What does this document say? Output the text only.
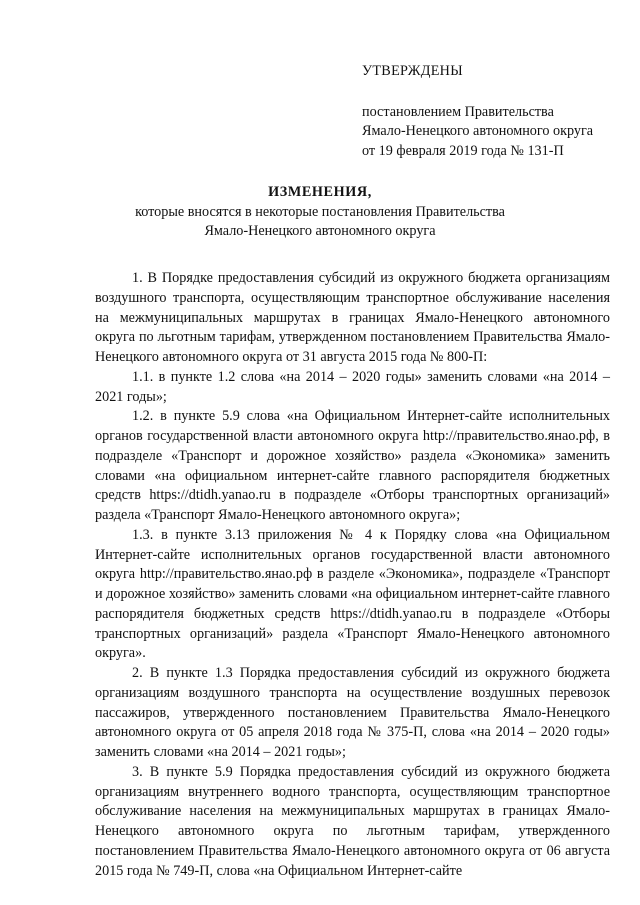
УТВЕРЖДЕНЫ
постановлением Правительства
Ямало-Ненецкого автономного округа
от 19 февраля 2019 года № 131-П
ИЗМЕНЕНИЯ,
которые вносятся в некоторые постановления Правительства
Ямало-Ненецкого автономного округа

1. В Порядке предоставления субсидий из окружного бюджета организациям воздушного транспорта, осуществляющим транспортное обслуживание населения на межмуниципальных маршрутах в границах Ямало-Ненецкого автономного округа по льготным тарифам, утвержденном постановлением Правительства Ямало-Ненецкого автономного округа от 31 августа 2015 года № 800-П:

1.1. в пункте 1.2 слова «на 2014 – 2020 годы» заменить словами «на 2014 – 2021 годы»;

1.2. в пункте 5.9 слова «на Официальном Интернет-сайте исполнительных органов государственной власти автономного округа http://правительство.янао.рф, в подразделе «Транспорт и дорожное хозяйство» раздела «Экономика» заменить словами «на официальном интернет-сайте главного распорядителя бюджетных средств https://dtidh.yanao.ru в подразделе «Отборы транспортных организаций» раздела «Транспорт Ямало-Ненецкого автономного округа»;

1.3. в пункте 3.13 приложения № 4 к Порядку слова «на Официальном Интернет-сайте исполнительных органов государственной власти автономного округа http://правительство.янао.рф в разделе «Экономика», подразделе «Транспорт и дорожное хозяйство» заменить словами «на официальном интернет-сайте главного распорядителя бюджетных средств https://dtidh.yanao.ru в подразделе «Отборы транспортных организаций» раздела «Транспорт Ямало-Ненецкого автономного округа».

2. В пункте 1.3 Порядка предоставления субсидий из окружного бюджета организациям воздушного транспорта на осуществление воздушных перевозок пассажиров, утвержденного постановлением Правительства Ямало-Ненецкого автономного округа от 05 апреля 2018 года № 375-П, слова «на 2014 – 2020 годы» заменить словами «на 2014 – 2021 годы»;

3. В пункте 5.9 Порядка предоставления субсидий из окружного бюджета организациям внутреннего водного транспорта, осуществляющим транспортное обслуживание населения на межмуниципальных маршрутах в границах Ямало-Ненецкого автономного округа по льготным тарифам, утвержденного постановлением Правительства Ямало-Ненецкого автономного округа от 06 августа 2015 года № 749-П, слова «на Официальном Интернет-сайте
